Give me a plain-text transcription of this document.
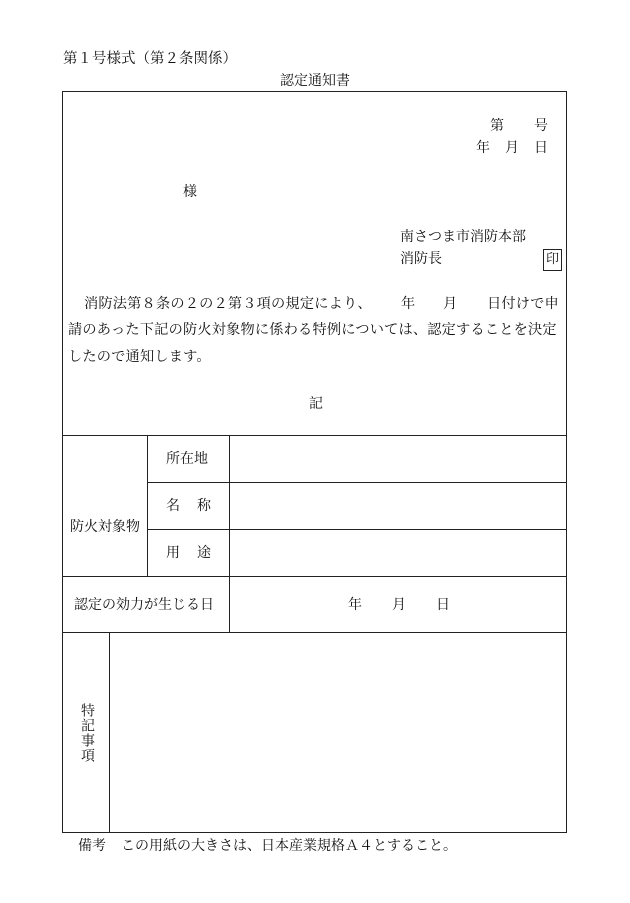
第１号様式（第２条関係）
認定通知書
第 号
年 月 日
様
南さつま市消防本部
消防長	印
消防法第８条の２の２第３項の規定により、 年 月 日付けで申
請のあった下記の防火対象物に係わる特例については、認定することを決定
したので通知します。
記
防火対象物
所在地
名 称
用 途
認定の効力が生じる日	年 月 日
特記事項
備考 この用紙の大きさは、日本産業規格Ａ４とすること。
